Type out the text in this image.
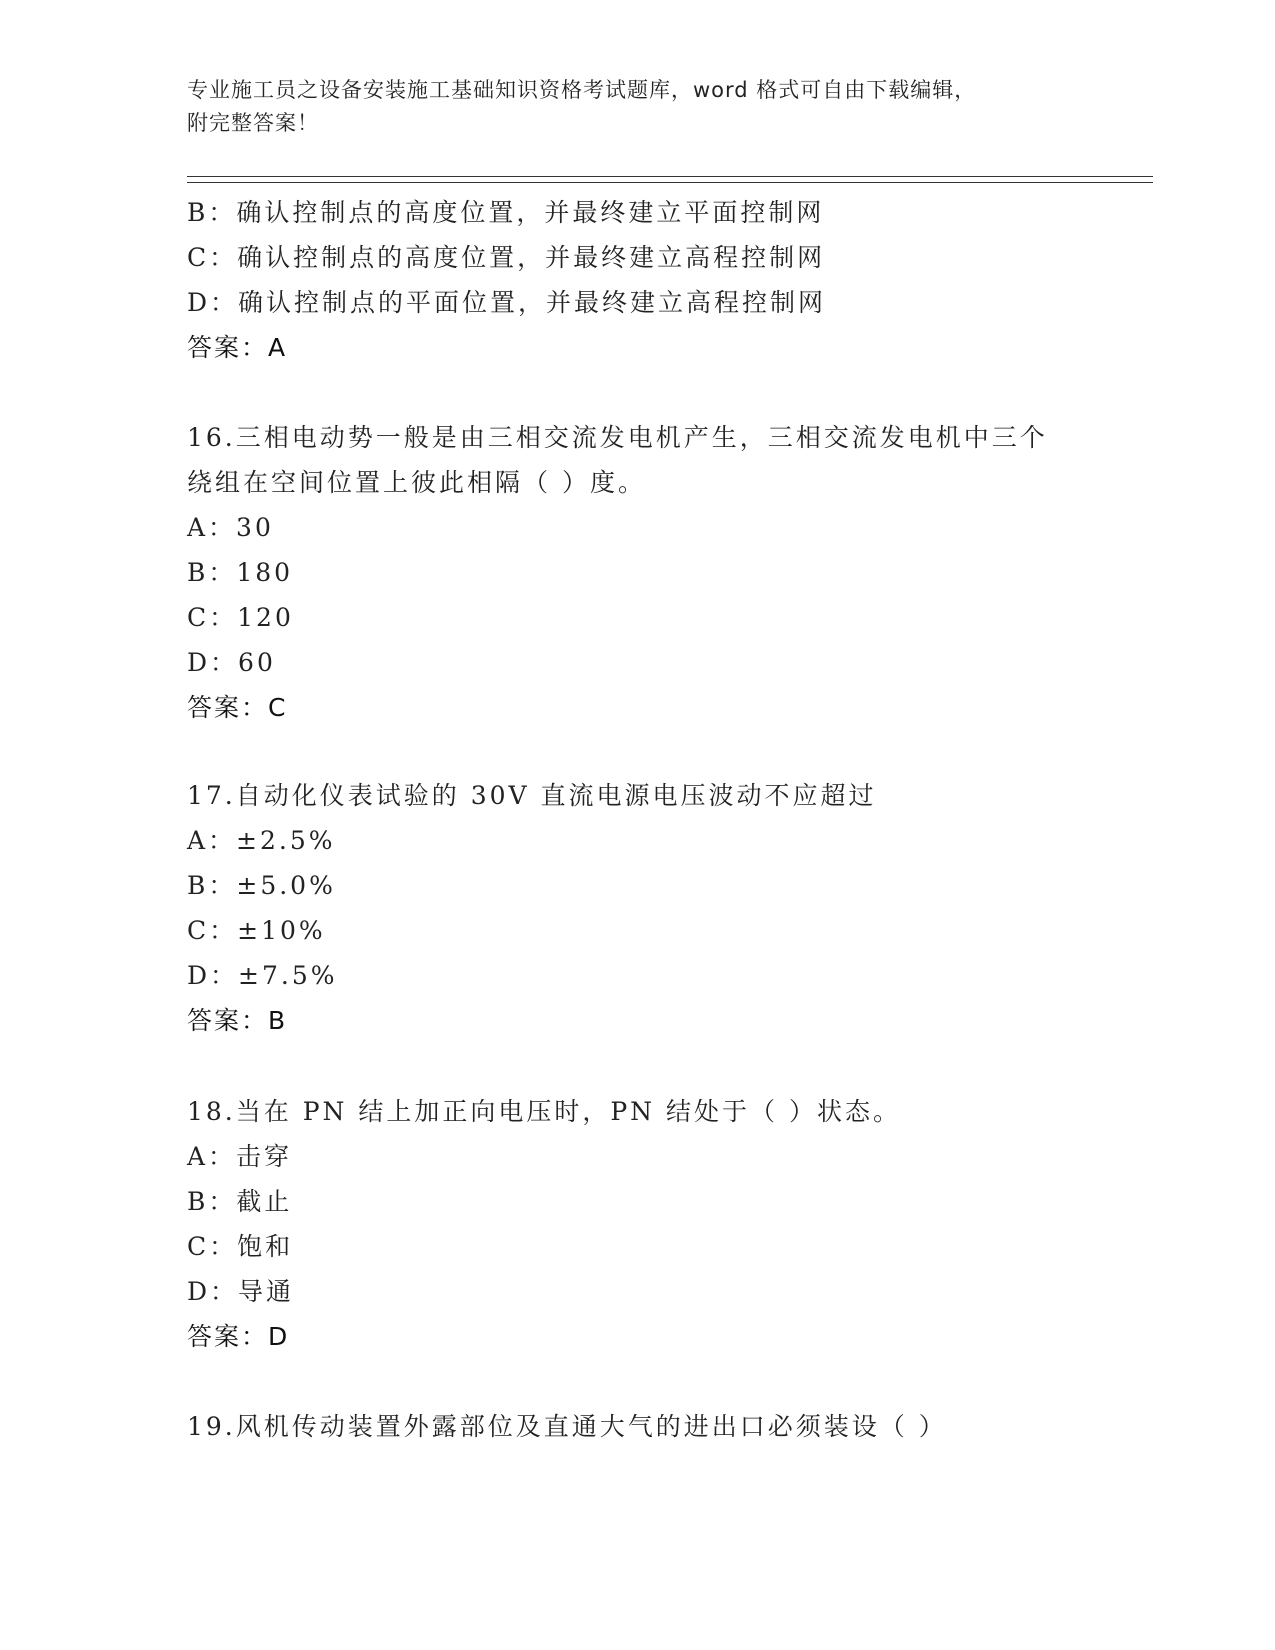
专业施工员之设备安装施工基础知识资格考试题库，word 格式可自由下载编辑，
附完整答案！
B：确认控制点的高度位置，并最终建立平面控制网
C：确认控制点的高度位置，并最终建立高程控制网
D：确认控制点的平面位置，并最终建立高程控制网
答案：A
16.三相电动势一般是由三相交流发电机产生，三相交流发电机中三个
绕组在空间位置上彼此相隔（ ）度。
A：30
B：180
C：120
D：60
答案：C
17.自动化仪表试验的 30V 直流电源电压波动不应超过
A：±2.5%
B：±5.0%
C：±10%
D：±7.5%
答案：B
18.当在 PN 结上加正向电压时，PN 结处于（ ）状态。
A：击穿
B：截止
C：饱和
D：导通
答案：D
19.风机传动装置外露部位及直通大气的进出口必须装设（ ）
